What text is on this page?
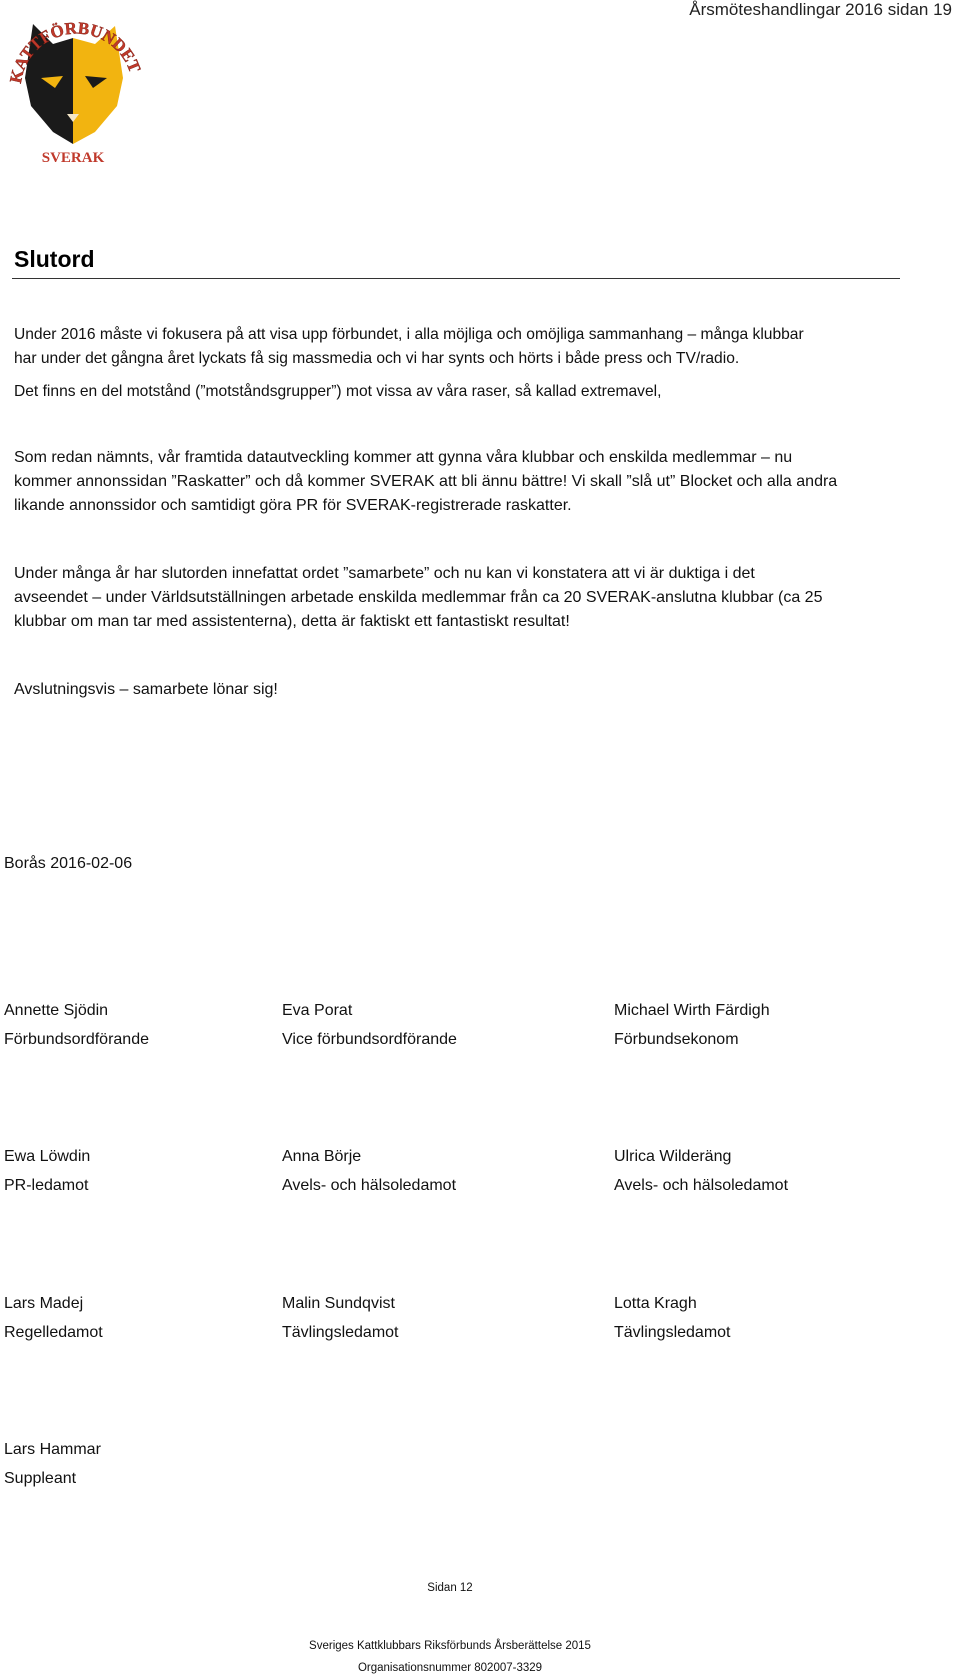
Årsmöteshandlingar 2016 sidan 19
KATTFÖRBUNDET
SVERAK
Slutord
Under 2016 måste vi fokusera på att visa upp förbundet, i alla möjliga och omöjliga sammanhang – många klubbar
har under det gångna året lyckats få sig massmedia och vi har synts och hörts i både press och TV/radio.
Det finns en del motstånd (”motståndsgrupper”) mot vissa av våra raser, så kallad extremavel,
Som redan nämnts, vår framtida datautveckling kommer att gynna våra klubbar och enskilda medlemmar – nu
kommer annonssidan ”Raskatter” och då kommer SVERAK att bli ännu bättre! Vi skall ”slå ut” Blocket och alla andra
likande annonssidor och samtidigt göra PR för SVERAK-registrerade raskatter.
Under många år har slutorden innefattat ordet ”samarbete” och nu kan vi konstatera att vi är duktiga i det
avseendet – under Världsutställningen arbetade enskilda medlemmar från ca 20 SVERAK-anslutna klubbar (ca 25
klubbar om man tar med assistenterna), detta är faktiskt ett fantastiskt resultat!
Avslutningsvis – samarbete lönar sig!
Borås 2016-02-06
Annette Sjödin
Förbundsordförande
Eva Porat
Vice förbundsordförande
Michael Wirth Färdigh
Förbundsekonom
Ewa Löwdin
PR-ledamot
Anna Börje
Avels- och hälsoledamot
Ulrica Wilderäng
Avels- och hälsoledamot
Lars Madej
Regelledamot
Malin Sundqvist
Tävlingsledamot
Lotta Kragh
Tävlingsledamot
Lars Hammar
Suppleant
Sidan 12
Sveriges Kattklubbars Riksförbunds Årsberättelse 2015
Organisationsnummer 802007-3329
